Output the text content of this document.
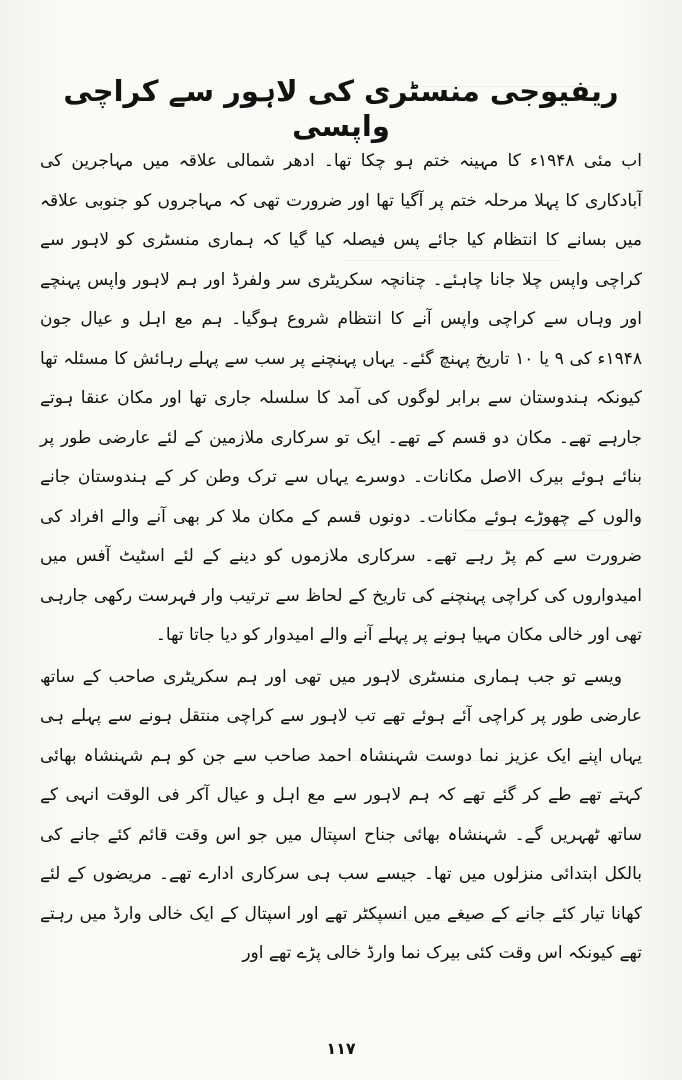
ریفیوجی منسٹری کی لاہور سے کراچی واپسی

اب مئی ۱۹۴۸ء کا مہینہ ختم ہو چکا تھا۔ ادھر شمالی علاقہ میں مہاجرین کی آبادکاری کا پہلا مرحلہ ختم پر آگیا تھا اور ضرورت تھی کہ مہاجروں کو جنوبی علاقہ میں بسانے کا انتظام کیا جائے پس فیصلہ کیا گیا کہ ہماری منسٹری کو لاہور سے کراچی واپس چلا جانا چاہئے۔ چنانچہ سکریٹری سر ولفرڈ اور ہم لاہور واپس پہنچے اور وہاں سے کراچی واپس آنے کا انتظام شروع ہوگیا۔ ہم مع اہل و عیال جون ۱۹۴۸ء کی ۹ یا ۱۰ تاریخ پہنچ گئے۔ یہاں پہنچنے پر سب سے پہلے رہائش کا مسئلہ تھا کیونکہ ہندوستان سے برابر لوگوں کی آمد کا سلسلہ جاری تھا اور مکان عنقا ہوتے جارہے تھے۔ مکان دو قسم کے تھے۔ ایک تو سرکاری ملازمین کے لئے عارضی طور پر بنائے ہوئے بیرک الاصل مکانات۔ دوسرے یہاں سے ترک وطن کر کے ہندوستان جانے والوں کے چھوڑے ہوئے مکانات۔ دونوں قسم کے مکان ملا کر بھی آنے والے افراد کی ضرورت سے کم پڑ رہے تھے۔ سرکاری ملازموں کو دینے کے لئے اسٹیٹ آفس میں امیدواروں کی کراچی پہنچنے کی تاریخ کے لحاظ سے ترتیب وار فہرست رکھی جارہی تھی اور خالی مکان مہیا ہونے پر پہلے آنے والے امیدوار کو دیا جاتا تھا۔

ویسے تو جب ہماری منسٹری لاہور میں تھی اور ہم سکریٹری صاحب کے ساتھ عارضی طور پر کراچی آئے ہوئے تھے تب لاہور سے کراچی منتقل ہونے سے پہلے ہی یہاں اپنے ایک عزیز نما دوست شہنشاہ احمد صاحب سے جن کو ہم شہنشاہ بھائی کہتے تھے طے کر گئے تھے کہ ہم لاہور سے مع اہل و عیال آکر فی الوقت انہی کے ساتھ ٹھہریں گے۔ شہنشاہ بھائی جناح اسپتال میں جو اس وقت قائم کئے جانے کی بالکل ابتدائی منزلوں میں تھا۔ جیسے سب ہی سرکاری ادارے تھے۔ مریضوں کے لئے کھانا تیار کئے جانے کے صیغے میں انسپکٹر تھے اور اسپتال کے ایک خالی وارڈ میں رہتے تھے کیونکہ اس وقت کئی بیرک نما وارڈ خالی پڑے تھے اور

۱۱۷
